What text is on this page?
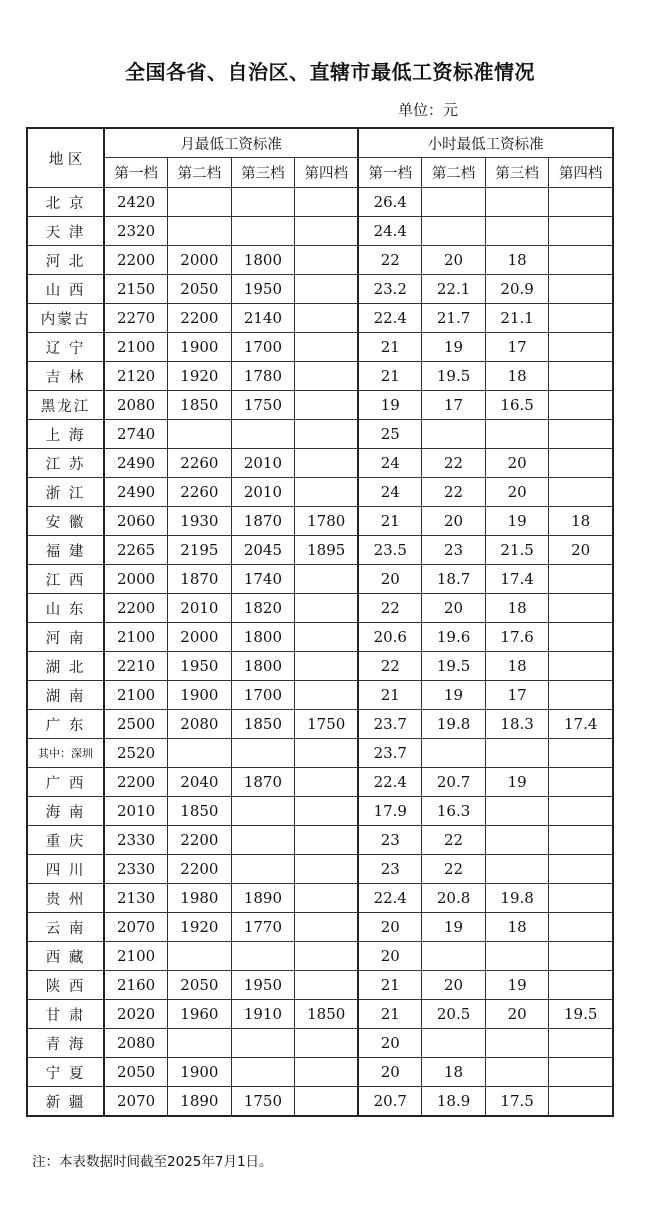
全国各省、自治区、直辖市最低工资标准情况
单位：元
地 区	月最低工资标准				小时最低工资标准			
	第一档	第二档	第三档	第四档	第一档	第二档	第三档	第四档
北 京	2420				26.4			
天 津	2320				24.4			
河 北	2200	2000	1800		22	20	18	
山 西	2150	2050	1950		23.2	22.1	20.9	
内蒙古	2270	2200	2140		22.4	21.7	21.1	
辽 宁	2100	1900	1700		21	19	17	
吉 林	2120	1920	1780		21	19.5	18	
黑龙江	2080	1850	1750		19	17	16.5	
上 海	2740				25			
江 苏	2490	2260	2010		24	22	20	
浙 江	2490	2260	2010		24	22	20	
安 徽	2060	1930	1870	1780	21	20	19	18
福 建	2265	2195	2045	1895	23.5	23	21.5	20
江 西	2000	1870	1740		20	18.7	17.4	
山 东	2200	2010	1820		22	20	18	
河 南	2100	2000	1800		20.6	19.6	17.6	
湖 北	2210	1950	1800		22	19.5	18	
湖 南	2100	1900	1700		21	19	17	
广 东	2500	2080	1850	1750	23.7	19.8	18.3	17.4
其中：深圳	2520				23.7			
广 西	2200	2040	1870		22.4	20.7	19	
海 南	2010	1850			17.9	16.3		
重 庆	2330	2200			23	22		
四 川	2330	2200			23	22		
贵 州	2130	1980	1890		22.4	20.8	19.8	
云 南	2070	1920	1770		20	19	18	
西 藏	2100				20			
陕 西	2160	2050	1950		21	20	19	
甘 肃	2020	1960	1910	1850	21	20.5	20	19.5
青 海	2080				20			
宁 夏	2050	1900			20	18		
新 疆	2070	1890	1750		20.7	18.9	17.5	
注：本表数据时间截至2025年7月1日。
